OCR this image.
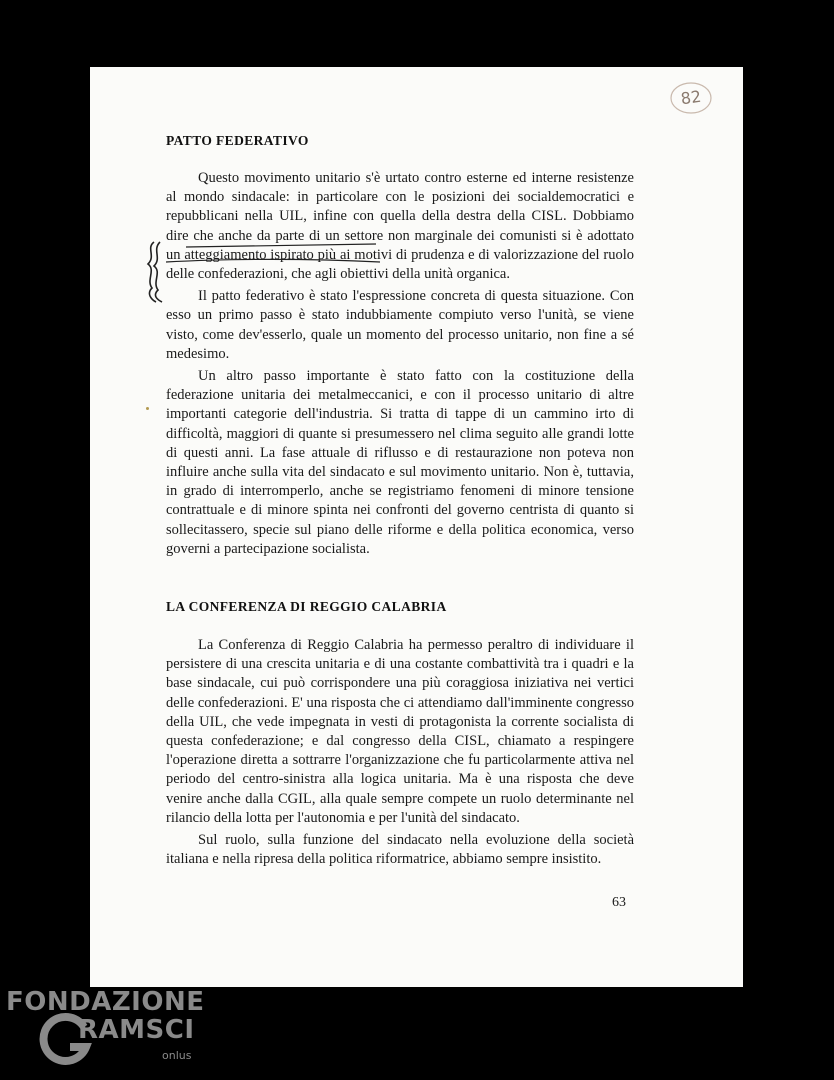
82
PATTO FEDERATIVO

Questo movimento unitario s'è urtato contro esterne ed interne resistenze al mondo sindacale: in particolare con le posizioni dei socialdemocratici e repubblicani nella UIL, infine con quella della destra della CISL. Dobbiamo dire che anche da parte di un settore non marginale dei comunisti si è adottato un atteggiamento ispirato più ai motivi di prudenza e di valorizzazione del ruolo delle confederazioni, che agli obiettivi della unità organica.

Il patto federativo è stato l'espressione concreta di questa situazione. Con esso un primo passo è stato indubbiamente compiuto verso l'unità, se viene visto, come dev'esserlo, quale un momento del processo unitario, non fine a sé medesimo.

Un altro passo importante è stato fatto con la costituzione della federazione unitaria dei metalmeccanici, e con il processo unitario di altre importanti categorie dell'industria. Si tratta di tappe di un cammino irto di difficoltà, maggiori di quante si presumessero nel clima seguito alle grandi lotte di questi anni. La fase attuale di riflusso e di restaurazione non poteva non influire anche sulla vita del sindacato e sul movimento unitario. Non è, tuttavia, in grado di interromperlo, anche se registriamo fenomeni di minore tensione contrattuale e di minore spinta nei confronti del governo centrista di quanto si sollecitassero, specie sul piano delle riforme e della politica economica, verso governi a partecipazione socialista.

LA CONFERENZA DI REGGIO CALABRIA

La Conferenza di Reggio Calabria ha permesso peraltro di individuare il persistere di una crescita unitaria e di una costante combattività tra i quadri e la base sindacale, cui può corrispondere una più coraggiosa iniziativa nei vertici delle confederazioni. E' una risposta che ci attendiamo dall'imminente congresso della UIL, che vede impegnata in vesti di protagonista la corrente socialista di questa confederazione; e dal congresso della CISL, chiamato a respingere l'operazione diretta a sottrarre l'organizzazione che fu particolarmente attiva nel periodo del centro-sinistra alla logica unitaria. Ma è una risposta che deve venire anche dalla CGIL, alla quale sempre compete un ruolo determinante nel rilancio della lotta per l'autonomia e per l'unità del sindacato.

Sul ruolo, sulla funzione del sindacato nella evoluzione della società italiana e nella ripresa della politica riformatrice, abbiamo sempre insistito.

63
FONDAZIONE
RAMSCI
onlus
